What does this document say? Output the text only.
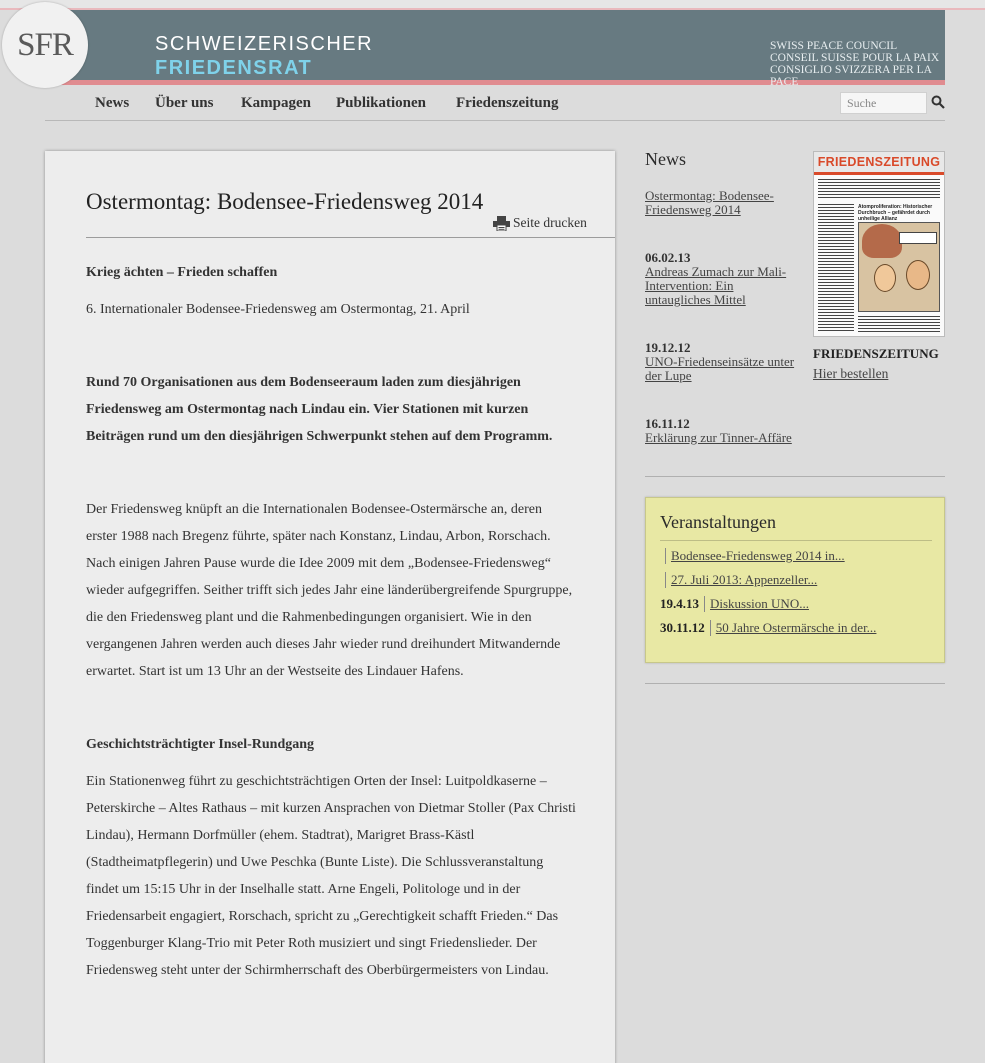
SCHWEIZERISCHER
FRIEDENSRAT
SWISS PEACE COUNCIL
CONSEIL SUISSE POUR LA PAIX
CONSIGLIO SVIZZERA PER LA PACE
SFR
News Über uns Kampagen Publikationen Friedenszeitung	Suche
Ostermontag: Bodensee-Friedensweg 2014
Seite drucken

Krieg ächten – Frieden schaffen

6. Internationaler Bodensee-Friedensweg am Ostermontag, 21. April

Rund 70 Organisationen aus dem Bodenseeraum laden zum diesjährigen Friedensweg am Ostermontag nach Lindau ein. Vier Stationen mit kurzen Beiträgen rund um den diesjährigen Schwerpunkt stehen auf dem Programm.

Der Friedensweg knüpft an die Internationalen Bodensee-Ostermärsche an, deren erster 1988 nach Bregenz führte, später nach Konstanz, Lindau, Arbon, Rorschach. Nach einigen Jahren Pause wurde die Idee 2009 mit dem „Bodensee-Friedensweg“ wieder aufgegriffen. Seither trifft sich jedes Jahr eine länderübergreifende Spurgruppe, die den Friedensweg plant und die Rahmenbedingungen organisiert. Wie in den vergangenen Jahren werden auch dieses Jahr wieder rund dreihundert Mitwandernde erwartet. Start ist um 13 Uhr an der Westseite des Lindauer Hafens.

Geschichtsträchtigter Insel-Rundgang

Ein Stationenweg führt zu geschichtsträchtigen Orten der Insel: Luitpoldkaserne – Peterskirche – Altes Rathaus – mit kurzen Ansprachen von Dietmar Stoller (Pax Christi Lindau), Hermann Dorfmüller (ehem. Stadtrat), Marigret Brass-Kästl (Stadtheimatpflegerin) und Uwe Peschka (Bunte Liste). Die Schlussveranstaltung findet um 15:15 Uhr in der Inselhalle statt. Arne Engeli, Politologe und in der Friedensarbeit engagiert, Rorschach, spricht zu „Gerechtigkeit schafft Frieden.“ Das Toggenburger Klang-Trio mit Peter Roth musiziert und singt Friedenslieder. Der Friedensweg steht unter der Schirmherrschaft des Oberbürgermeisters von Lindau.

News
Ostermontag: Bodensee-Friedensweg 2014
06.02.13
Andreas Zumach zur Mali-Intervention: Ein untaugliches Mittel
19.12.12
UNO-Friedenseinsätze unter der Lupe
16.11.12
Erklärung zur Tinner-Affäre
FRIEDENSZEITUNG
Atomproliferation: Historischer Durchbruch – gefährdet durch unheilige Allianz
FRIEDENSZEITUNG
Hier bestellen
Veranstaltungen
Bodensee-Friedensweg 2014 in...
27. Juli 2013: Appenzeller...
19.4.13 Diskussion UNO...
30.11.12 50 Jahre Ostermärsche in der...
